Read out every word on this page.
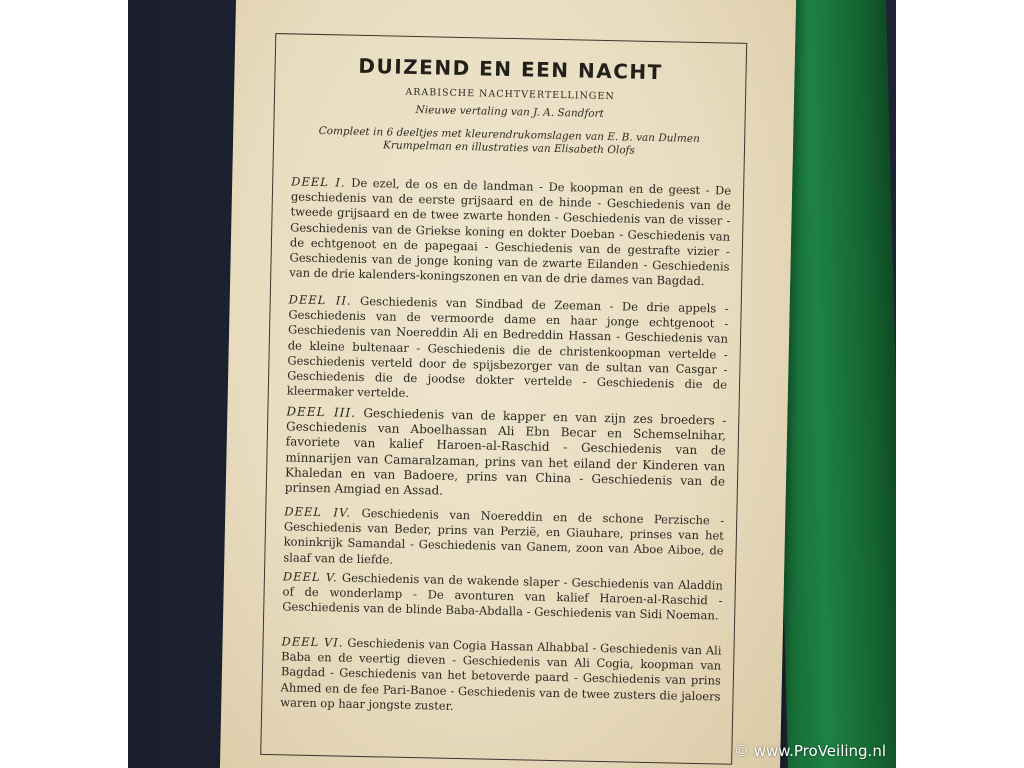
DUIZEND EN EEN NACHT
ARABISCHE NACHTVERTELLINGEN
Nieuwe vertaling van J. A. Sandfort
Compleet in 6 deeltjes met kleurendrukomslagen van E. B. van Dulmen Krumpelman en illustraties van Elisabeth Olofs
DEEL I. De ezel, de os en de landman - De koopman en de geest - De geschiedenis van de eerste grijsaard en de hinde - Geschiedenis van de tweede grijsaard en de twee zwarte honden - Geschiedenis van de visser - Geschiedenis van de Griekse koning en dokter Doeban - Geschiedenis van de echtgenoot en de papegaai - Geschiedenis van de gestrafte vizier - Geschiedenis van de jonge koning van de zwarte Eilanden - Geschiedenis van de drie kalenders-koningszonen en van de drie dames van Bagdad.
DEEL II. Geschiedenis van Sindbad de Zeeman - De drie appels - Geschiedenis van de vermoorde dame en haar jonge echtgenoot - Geschiedenis van Noereddin Ali en Bedreddin Hassan - Geschiedenis van de kleine bultenaar - Geschiedenis die de christenkoopman vertelde - Geschiedenis verteld door de spijsbezorger van de sultan van Casgar - Geschiedenis die de joodse dokter vertelde - Geschiedenis die de kleermaker vertelde.
DEEL III. Geschiedenis van de kapper en van zijn zes broeders - Geschiedenis van Aboelhassan Ali Ebn Becar en Schemselnihar, favoriete van kalief Haroen-al-Raschid - Geschiedenis van de minnarijen van Camaralzaman, prins van het eiland der Kinderen van Khaledan en van Badoere, prins van China - Geschiedenis van de prinsen Amgiad en Assad.
DEEL IV. Geschiedenis van Noereddin en de schone Perzische - Geschiedenis van Beder, prins van Perzië, en Giauhare, prinses van het koninkrijk Samandal - Geschiedenis van Ganem, zoon van Aboe Aiboe, de slaaf van de liefde.
DEEL V. Geschiedenis van de wakende slaper - Geschiedenis van Aladdin of de wonderlamp - De avonturen van kalief Haroen-al-Raschid - Geschiedenis van de blinde Baba-Abdalla - Geschiedenis van Sidi Noeman.
DEEL VI. Geschiedenis van Cogia Hassan Alhabbal - Geschiedenis van Ali Baba en de veertig dieven - Geschiedenis van Ali Cogia, koopman van Bagdad - Geschiedenis van het betoverde paard - Geschiedenis van prins Ahmed en de fee Pari-Banoe - Geschiedenis van de twee zusters die jaloers waren op haar jongste zuster.
© www.ProVeiling.nl
